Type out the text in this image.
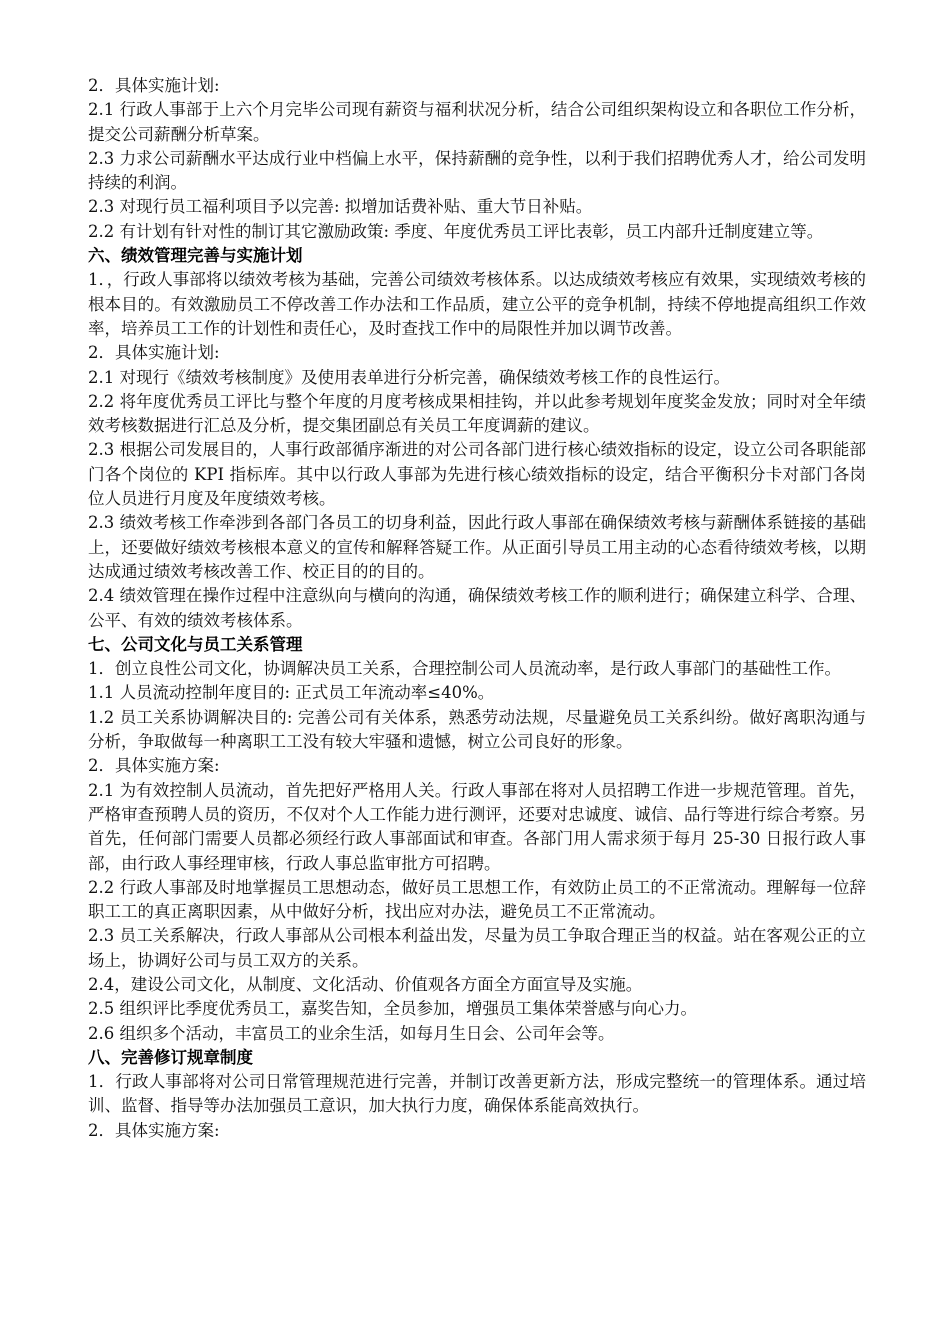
2．具体实施计划:

2.1 行政人事部于上六个月完毕公司现有薪资与福利状况分析，结合公司组织架构设立和各职位工作分析，提交公司薪酬分析草案。

2.3 力求公司薪酬水平达成行业中档偏上水平，保持薪酬的竞争性，以利于我们招聘优秀人才，给公司发明持续的利润。

2.3 对现行员工福利项目予以完善: 拟增加话费补贴、重大节日补贴。

2.2 有计划有针对性的制订其它激励政策: 季度、年度优秀员工评比表彰，员工内部升迁制度建立等。

六、绩效管理完善与实施计划

1．，行政人事部将以绩效考核为基础，完善公司绩效考核体系。以达成绩效考核应有效果，实现绩效考核的根本目的。有效激励员工不停改善工作办法和工作品质，建立公平的竞争机制，持续不停地提高组织工作效率，培养员工工作的计划性和责任心，及时查找工作中的局限性并加以调节改善。

2．具体实施计划:

2.1 对现行《绩效考核制度》及使用表单进行分析完善，确保绩效考核工作的良性运行。

2.2 将年度优秀员工评比与整个年度的月度考核成果相挂钩，并以此参考规划年度奖金发放；同时对全年绩效考核数据进行汇总及分析，提交集团副总有关员工年度调薪的建议。

2.3 根据公司发展目的，人事行政部循序渐进的对公司各部门进行核心绩效指标的设定，设立公司各职能部门各个岗位的 KPI 指标库。其中以行政人事部为先进行核心绩效指标的设定，结合平衡积分卡对部门各岗位人员进行月度及年度绩效考核。

2.3 绩效考核工作牵涉到各部门各员工的切身利益，因此行政人事部在确保绩效考核与薪酬体系链接的基础上，还要做好绩效考核根本意义的宣传和解释答疑工作。从正面引导员工用主动的心态看待绩效考核，以期达成通过绩效考核改善工作、校正目的的目的。

2.4 绩效管理在操作过程中注意纵向与横向的沟通，确保绩效考核工作的顺利进行；确保建立科学、合理、公平、有效的绩效考核体系。

七、公司文化与员工关系管理

1．创立良性公司文化，协调解决员工关系，合理控制公司人员流动率，是行政人事部门的基础性工作。

1.1 人员流动控制年度目的: 正式员工年流动率≤40%。

1.2 员工关系协调解决目的: 完善公司有关体系，熟悉劳动法规，尽量避免员工关系纠纷。做好离职沟通与分析，争取做每一种离职工工没有较大牢骚和遗憾，树立公司良好的形象。

2．具体实施方案:

2.1 为有效控制人员流动，首先把好严格用人关。行政人事部在将对人员招聘工作进一步规范管理。首先，严格审查预聘人员的资历，不仅对个人工作能力进行测评，还要对忠诚度、诚信、品行等进行综合考察。另首先，任何部门需要人员都必须经行政人事部面试和审查。各部门用人需求须于每月 25-30 日报行政人事部，由行政人事经理审核，行政人事总监审批方可招聘。

2.2 行政人事部及时地掌握员工思想动态，做好员工思想工作，有效防止员工的不正常流动。理解每一位辞职工工的真正离职因素，从中做好分析，找出应对办法，避免员工不正常流动。

2.3 员工关系解决，行政人事部从公司根本利益出发，尽量为员工争取合理正当的权益。站在客观公正的立场上，协调好公司与员工双方的关系。

2.4，建设公司文化，从制度、文化活动、价值观各方面全方面宣导及实施。

2.5 组织评比季度优秀员工，嘉奖告知，全员参加，增强员工集体荣誉感与向心力。

2.6 组织多个活动，丰富员工的业余生活，如每月生日会、公司年会等。

八、完善修订规章制度

1．行政人事部将对公司日常管理规范进行完善，并制订改善更新方法，形成完整统一的管理体系。通过培训、监督、指导等办法加强员工意识，加大执行力度，确保体系能高效执行。

2．具体实施方案:
